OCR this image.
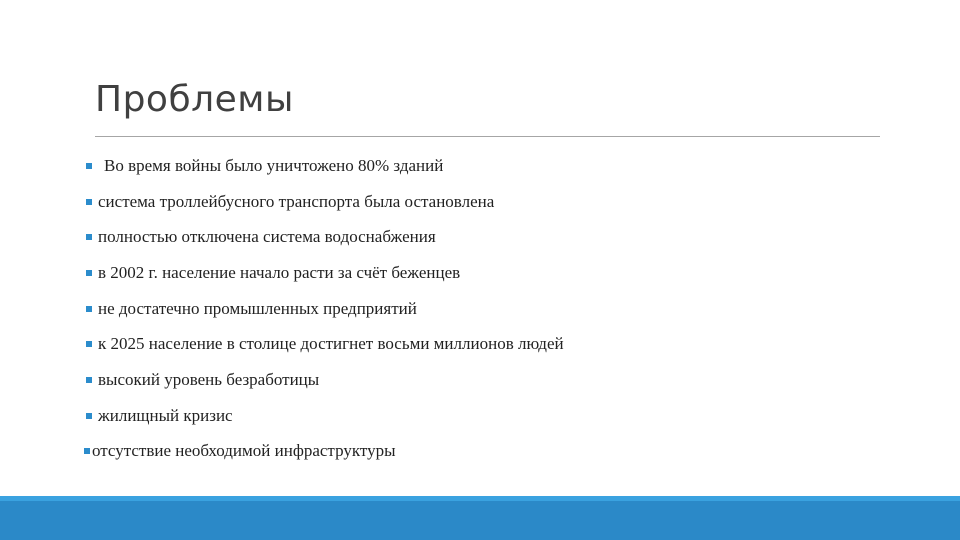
Проблемы
Во время войны было уничтожено 80% зданий
система троллейбусного транспорта была остановлена
полностью отключена система водоснабжения
в 2002 г. население начало расти за счёт беженцев
не достатечно промышленных предприятий
к 2025 население в столице достигнет восьми миллионов людей
высокий уровень безработицы
жилищный кризис
отсутствие необходимой инфраструктуры
